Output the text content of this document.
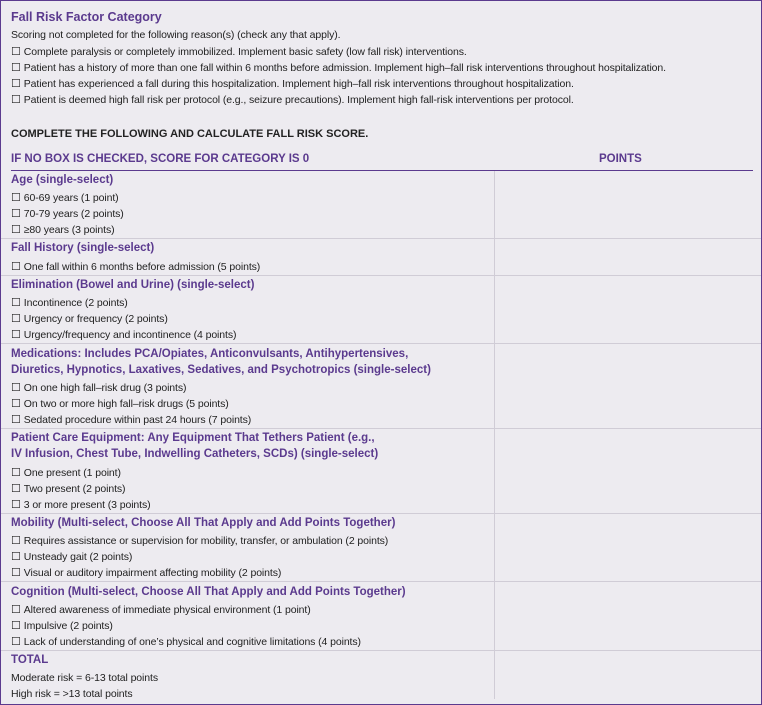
Fall Risk Factor Category
Scoring not completed for the following reason(s) (check any that apply).
☐ Complete paralysis or completely immobilized. Implement basic safety (low fall risk) interventions.
☐ Patient has a history of more than one fall within 6 months before admission. Implement high–fall risk interventions throughout hospitalization.
☐ Patient has experienced a fall during this hospitalization. Implement high–fall risk interventions throughout hospitalization.
☐ Patient is deemed high fall risk per protocol (e.g., seizure precautions). Implement high fall-risk interventions per protocol.
COMPLETE THE FOLLOWING AND CALCULATE FALL RISK SCORE.
IF NO BOX IS CHECKED, SCORE FOR CATEGORY IS 0	POINTS
Age (single-select)
☐ 60-69 years (1 point)
☐ 70-79 years (2 points)
☐ ≥80 years (3 points)
Fall History (single-select)
☐ One fall within 6 months before admission (5 points)
Elimination (Bowel and Urine) (single-select)
☐ Incontinence (2 points)
☐ Urgency or frequency (2 points)
☐ Urgency/frequency and incontinence (4 points)
Medications: Includes PCA/Opiates, Anticonvulsants, Antihypertensives,
Diuretics, Hypnotics, Laxatives, Sedatives, and Psychotropics (single-select)
☐ On one high fall–risk drug (3 points)
☐ On two or more high fall–risk drugs (5 points)
☐ Sedated procedure within past 24 hours (7 points)
Patient Care Equipment: Any Equipment That Tethers Patient (e.g.,
IV Infusion, Chest Tube, Indwelling Catheters, SCDs) (single-select)
☐ One present (1 point)
☐ Two present (2 points)
☐ 3 or more present (3 points)
Mobility (Multi-select, Choose All That Apply and Add Points Together)
☐ Requires assistance or supervision for mobility, transfer, or ambulation (2 points)
☐ Unsteady gait (2 points)
☐ Visual or auditory impairment affecting mobility (2 points)
Cognition (Multi-select, Choose All That Apply and Add Points Together)
☐ Altered awareness of immediate physical environment (1 point)
☐ Impulsive (2 points)
☐ Lack of understanding of one’s physical and cognitive limitations (4 points)
TOTAL
Moderate risk = 6-13 total points
High risk = >13 total points
